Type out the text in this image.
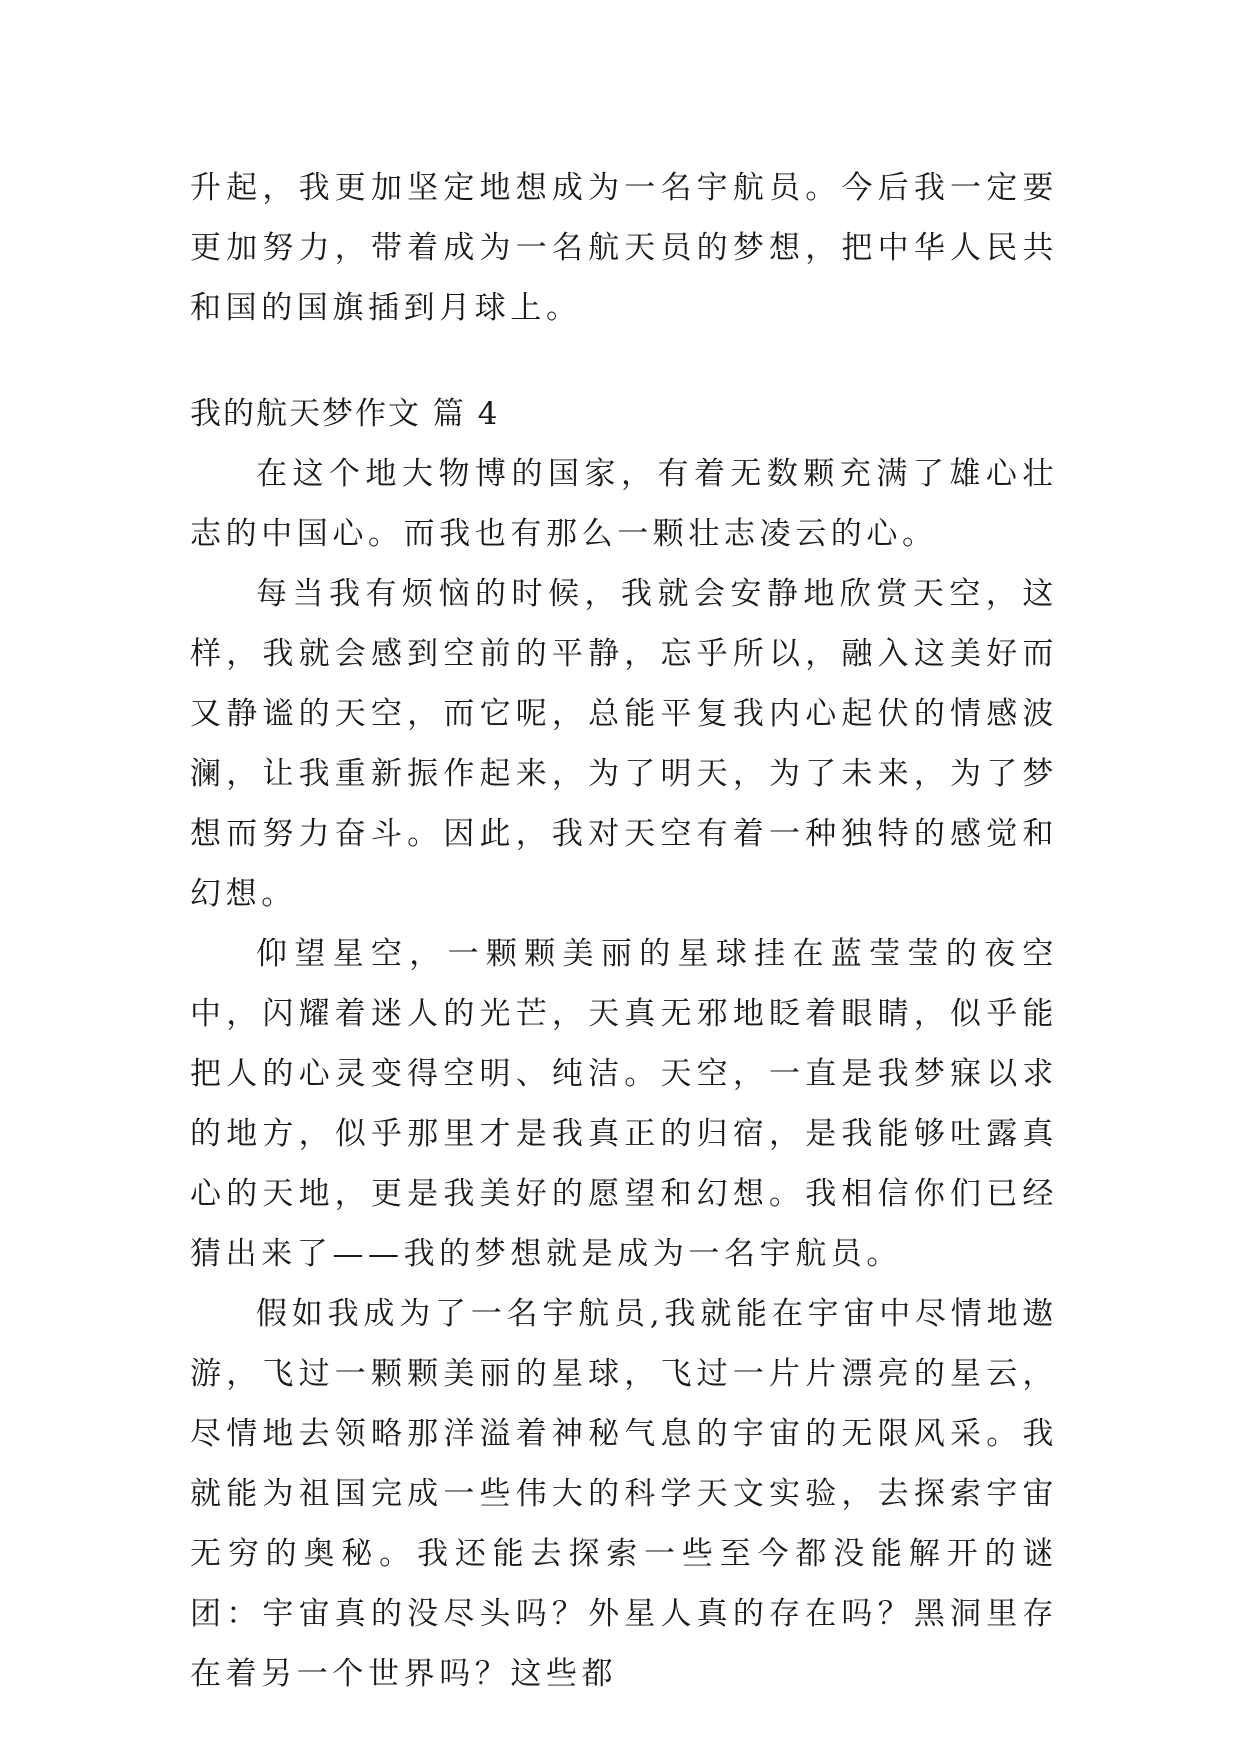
升起，我更加坚定地想成为一名宇航员。今后我一定要更加努力，带着成为一名航天员的梦想，把中华人民共和国的国旗插到月球上。

我的航天梦作文 篇 4

在这个地大物博的国家，有着无数颗充满了雄心壮志的中国心。而我也有那么一颗壮志凌云的心。

每当我有烦恼的时候，我就会安静地欣赏天空，这样，我就会感到空前的平静，忘乎所以，融入这美好而又静谧的天空，而它呢，总能平复我内心起伏的情感波澜，让我重新振作起来，为了明天，为了未来，为了梦想而努力奋斗。因此，我对天空有着一种独特的感觉和幻想。

仰望星空，一颗颗美丽的星球挂在蓝莹莹的夜空中，闪耀着迷人的光芒，天真无邪地眨着眼睛，似乎能把人的心灵变得空明、纯洁。天空，一直是我梦寐以求的地方，似乎那里才是我真正的归宿，是我能够吐露真心的天地，更是我美好的愿望和幻想。我相信你们已经猜出来了——我的梦想就是成为一名宇航员。

假如我成为了一名宇航员,我就能在宇宙中尽情地遨游，飞过一颗颗美丽的星球，飞过一片片漂亮的星云，尽情地去领略那洋溢着神秘气息的宇宙的无限风采。我就能为祖国完成一些伟大的科学天文实验，去探索宇宙无穷的奥秘。我还能去探索一些至今都没能解开的谜团：宇宙真的没尽头吗？外星人真的存在吗？黑洞里存在着另一个世界吗？这些都
